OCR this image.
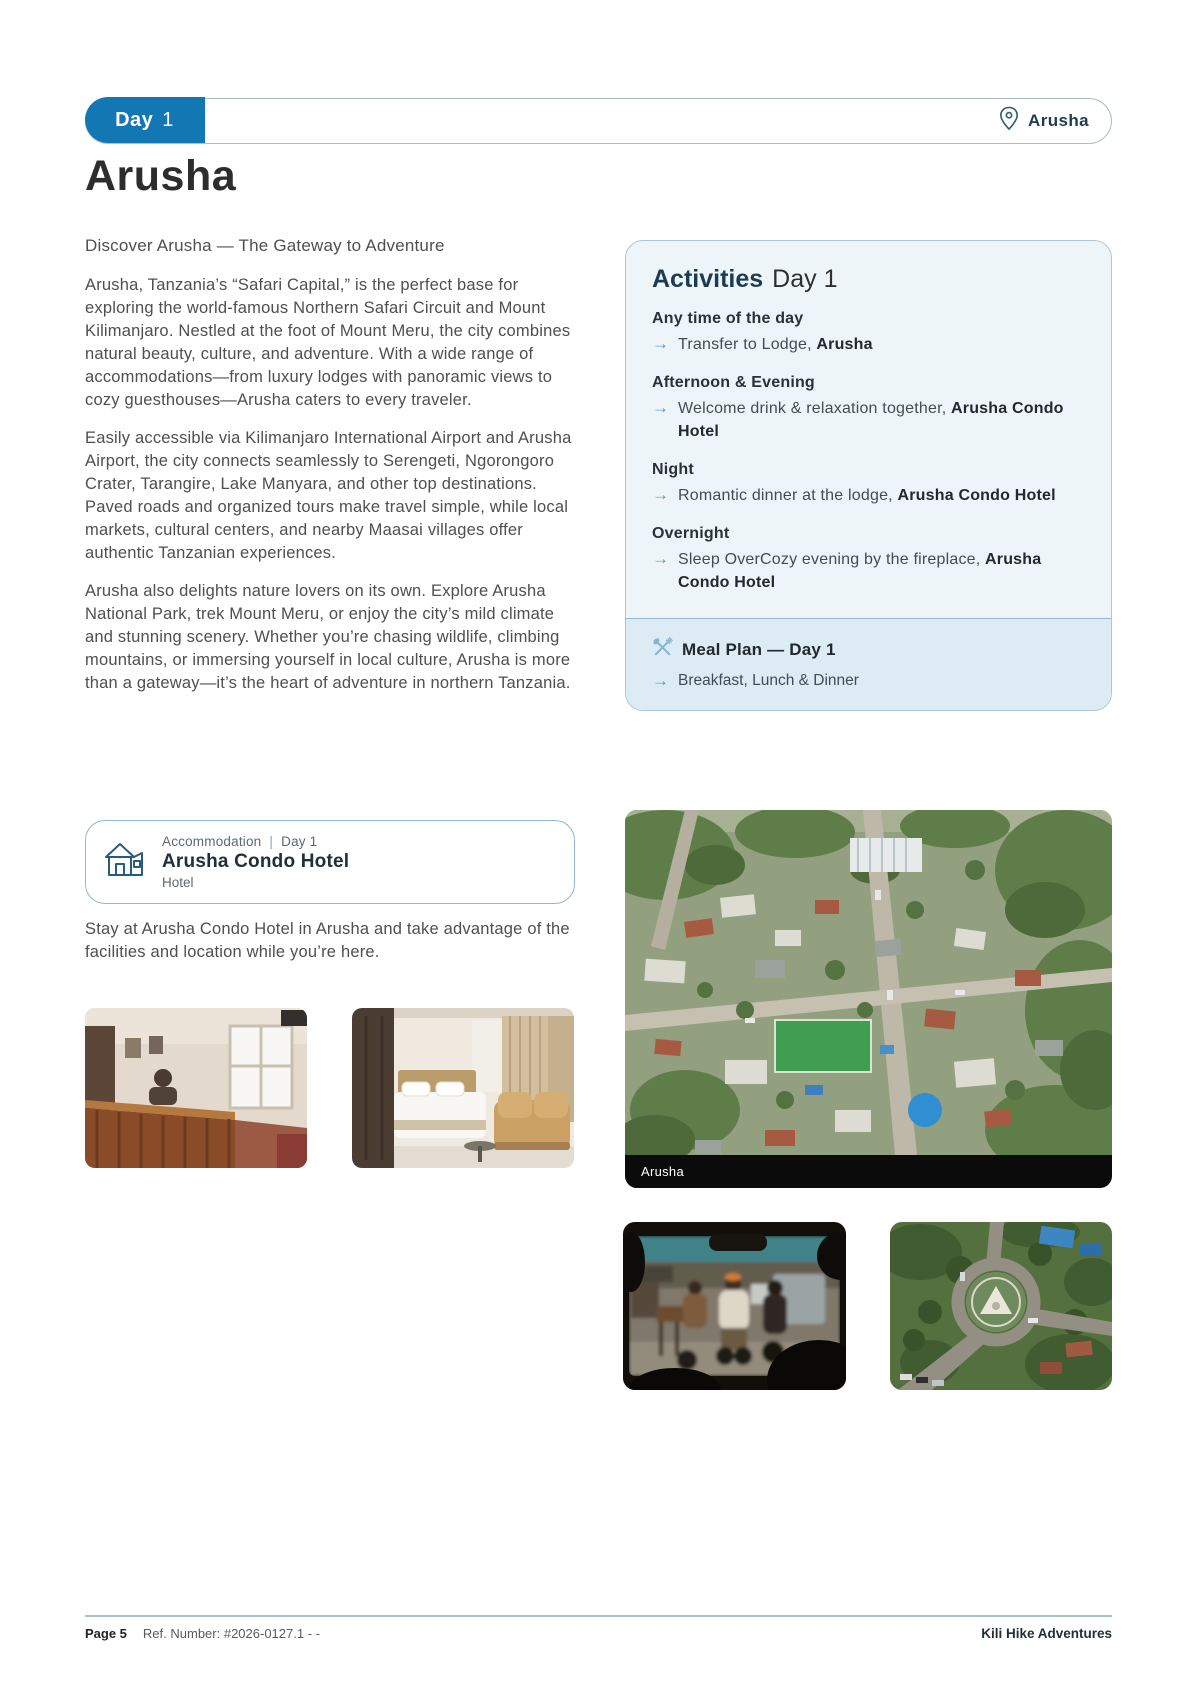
Day 1	Arusha
Arusha

Discover Arusha — The Gateway to Adventure

Arusha, Tanzania’s “Safari Capital,” is the perfect base for exploring the world-famous Northern Safari Circuit and Mount Kilimanjaro. Nestled at the foot of Mount Meru, the city combines natural beauty, culture, and adventure. With a wide range of accommodations—from luxury lodges with panoramic views to cozy guesthouses—Arusha caters to every traveler.

Easily accessible via Kilimanjaro International Airport and Arusha Airport, the city connects seamlessly to Serengeti, Ngorongoro Crater, Tarangire, Lake Manyara, and other top destinations. Paved roads and organized tours make travel simple, while local markets, cultural centers, and nearby Maasai villages offer authentic Tanzanian experiences.

Arusha also delights nature lovers on its own. Explore Arusha National Park, trek Mount Meru, or enjoy the city’s mild climate and stunning scenery. Whether you’re chasing wildlife, climbing mountains, or immersing yourself in local culture, Arusha is more than a gateway—it’s the heart of adventure in northern Tanzania.

Activities Day 1
Any time of the day
→ Transfer to Lodge, Arusha

Afternoon & Evening
→ Welcome drink & relaxation together, Arusha Condo Hotel

Night
→ Romantic dinner at the lodge, Arusha Condo Hotel

Overnight
→ Sleep OverCozy evening by the fireplace, Arusha Condo Hotel

Meal Plan — Day 1
→ Breakfast, Lunch & Dinner
Accommodation | Day 1
Arusha Condo Hotel
Hotel

Stay at Arusha Condo Hotel in Arusha and take advantage of the facilities and location while you’re here.

Arusha
Page 5 Ref. Number: #2026-0127.1 - -	Kili Hike Adventures
